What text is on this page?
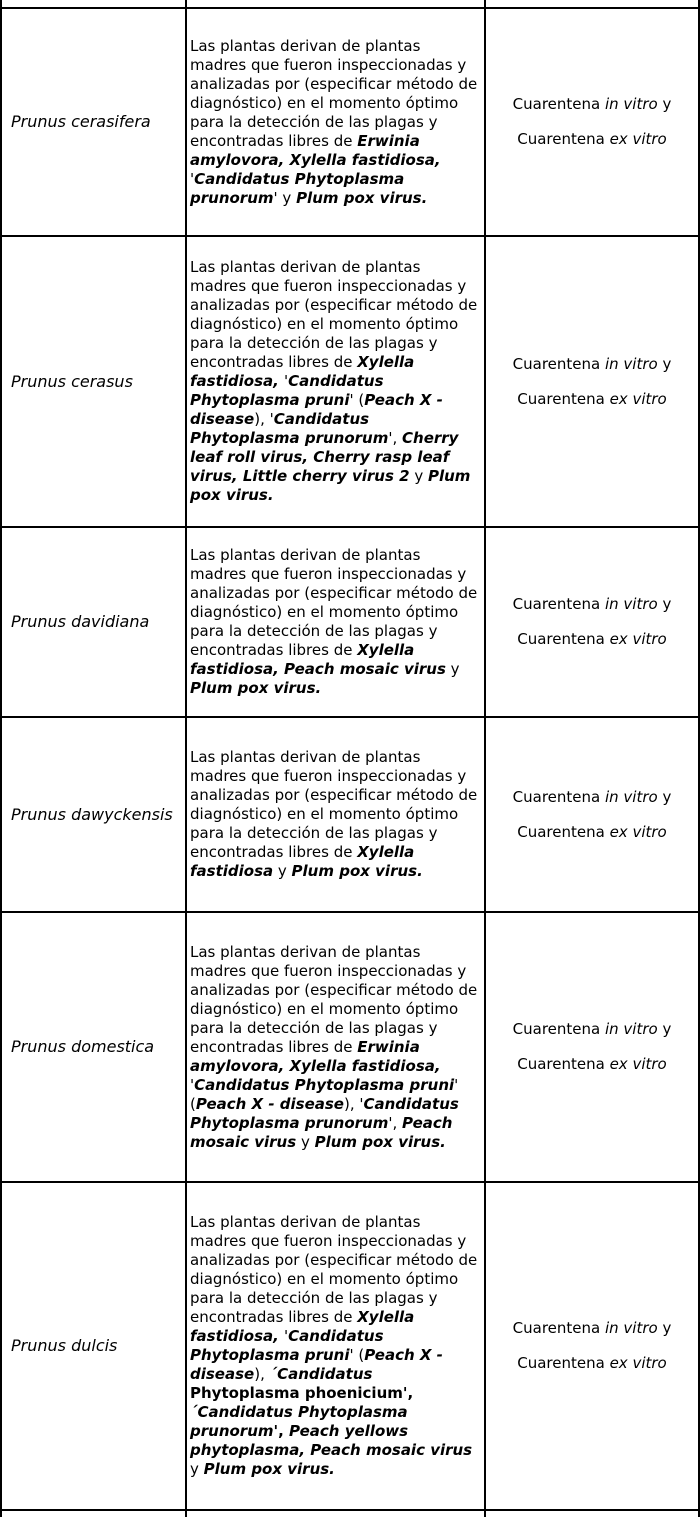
Prunus cerasifera

Las plantas derivan de plantas madres que fueron inspeccionadas y analizadas por (especificar método de diagnóstico) en el momento óptimo para la detección de las plagas y encontradas libres de Erwinia amylovora, Xylella fastidiosa, 'Candidatus Phytoplasma prunorum' y Plum pox virus.

Cuarentena in vitro y

Cuarentena ex vitro

Prunus cerasus

Las plantas derivan de plantas madres que fueron inspeccionadas y analizadas por (especificar método de diagnóstico) en el momento óptimo para la detección de las plagas y encontradas libres de Xylella fastidiosa, 'Candidatus Phytoplasma pruni' (Peach X - disease), 'Candidatus Phytoplasma prunorum', Cherry leaf roll virus, Cherry rasp leaf virus, Little cherry virus 2 y Plum pox virus.

Cuarentena in vitro y

Cuarentena ex vitro

Prunus davidiana

Las plantas derivan de plantas madres que fueron inspeccionadas y analizadas por (especificar método de diagnóstico) en el momento óptimo para la detección de las plagas y encontradas libres de Xylella fastidiosa, Peach mosaic virus y Plum pox virus.

Cuarentena in vitro y

Cuarentena ex vitro

Prunus dawyckensis

Las plantas derivan de plantas madres que fueron inspeccionadas y analizadas por (especificar método de diagnóstico) en el momento óptimo para la detección de las plagas y encontradas libres de Xylella fastidiosa y Plum pox virus.

Cuarentena in vitro y

Cuarentena ex vitro

Prunus domestica

Las plantas derivan de plantas madres que fueron inspeccionadas y analizadas por (especificar método de diagnóstico) en el momento óptimo para la detección de las plagas y encontradas libres de Erwinia amylovora, Xylella fastidiosa, 'Candidatus Phytoplasma pruni' (Peach X - disease), 'Candidatus Phytoplasma prunorum', Peach mosaic virus y Plum pox virus.

Cuarentena in vitro y

Cuarentena ex vitro

Prunus dulcis

Las plantas derivan de plantas madres que fueron inspeccionadas y analizadas por (especificar método de diagnóstico) en el momento óptimo para la detección de las plagas y encontradas libres de Xylella fastidiosa, 'Candidatus Phytoplasma pruni' (Peach X - disease), ´Candidatus Phytoplasma phoenicium', ´Candidatus Phytoplasma prunorum', Peach yellows phytoplasma, Peach mosaic virus y Plum pox virus.

Cuarentena in vitro y

Cuarentena ex vitro
